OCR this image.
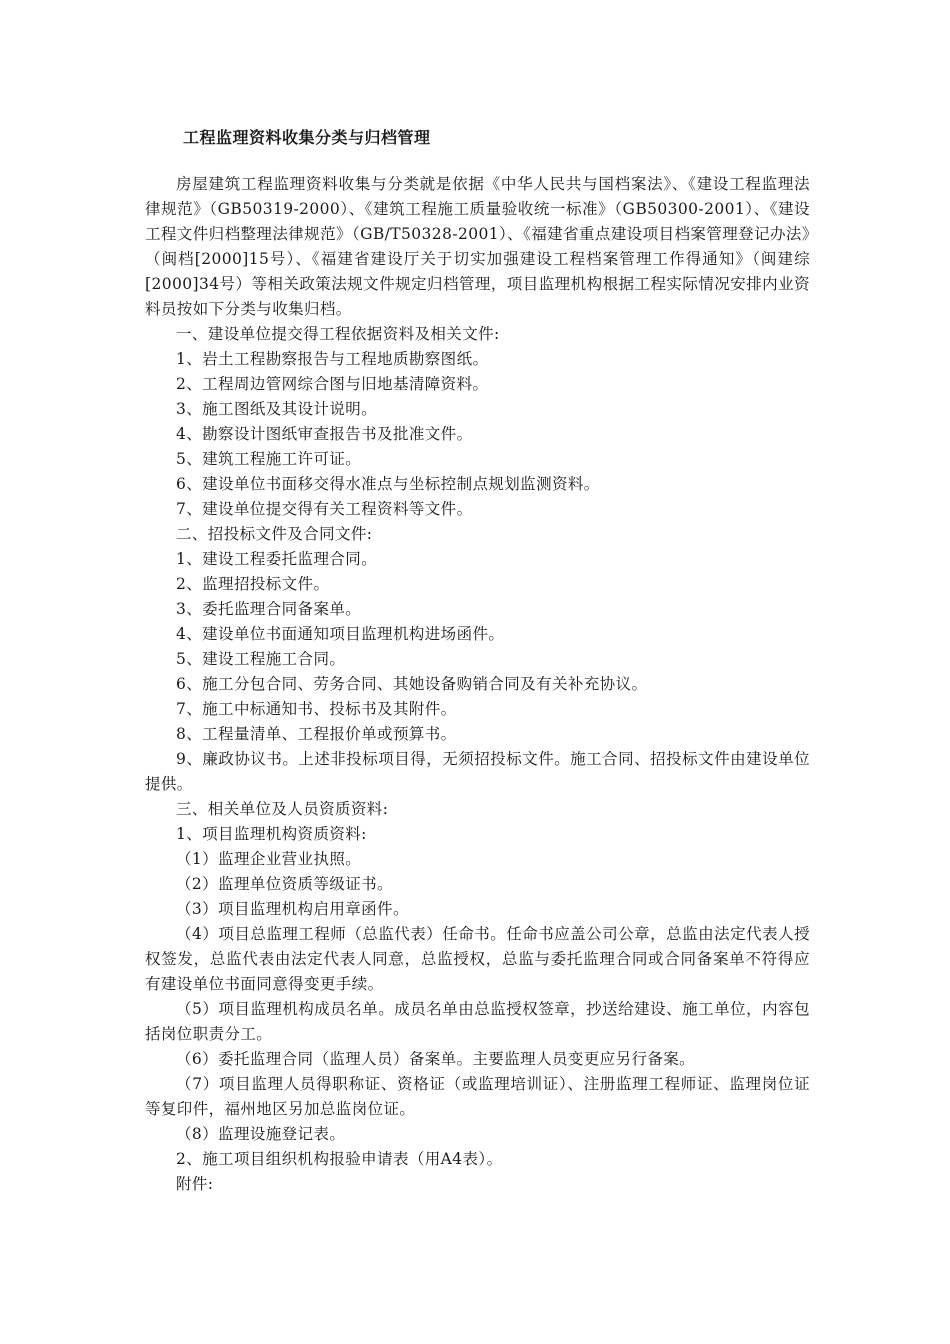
工程监理资料收集分类与归档管理

房屋建筑工程监理资料收集与分类就是依据《中华人民共与国档案法》、《建设工程监理法律规范》（GB50319-2000）、《建筑工程施工质量验收统一标准》（GB50300-2001）、《建设工程文件归档整理法律规范》（GB/T50328-2001）、《福建省重点建设项目档案管理登记办法》（闽档[2000]15号）、《福建省建设厅关于切实加强建设工程档案管理工作得通知》（闽建综[2000]34号）等相关政策法规文件规定归档管理，项目监理机构根据工程实际情况安排内业资料员按如下分类与收集归档。

一、建设单位提交得工程依据资料及相关文件:

1、岩土工程勘察报告与工程地质勘察图纸。

2、工程周边管网综合图与旧地基清障资料。

3、施工图纸及其设计说明。

4、勘察设计图纸审查报告书及批准文件。

5、建筑工程施工许可证。

6、建设单位书面移交得水准点与坐标控制点规划监测资料。

7、建设单位提交得有关工程资料等文件。

二、招投标文件及合同文件:

1、建设工程委托监理合同。

2、监理招投标文件。

3、委托监理合同备案单。

4、建设单位书面通知项目监理机构进场函件。

5、建设工程施工合同。

6、施工分包合同、劳务合同、其她设备购销合同及有关补充协议。

7、施工中标通知书、投标书及其附件。

8、工程量清单、工程报价单或预算书。

9、廉政协议书。上述非投标项目得，无须招投标文件。施工合同、招投标文件由建设单位提供。

三、相关单位及人员资质资料:

1、项目监理机构资质资料:

（1）监理企业营业执照。

（2）监理单位资质等级证书。

（3）项目监理机构启用章函件。

（4）项目总监理工程师（总监代表）任命书。任命书应盖公司公章，总监由法定代表人授权签发，总监代表由法定代表人同意，总监授权，总监与委托监理合同或合同备案单不符得应有建设单位书面同意得变更手续。

（5）项目监理机构成员名单。成员名单由总监授权签章，抄送给建设、施工单位，内容包括岗位职责分工。

（6）委托监理合同（监理人员）备案单。主要监理人员变更应另行备案。

（7）项目监理人员得职称证、资格证（或监理培训证）、注册监理工程师证、监理岗位证等复印件，福州地区另加总监岗位证。

（8）监理设施登记表。

2、施工项目组织机构报验申请表（用A4表）。

附件:
